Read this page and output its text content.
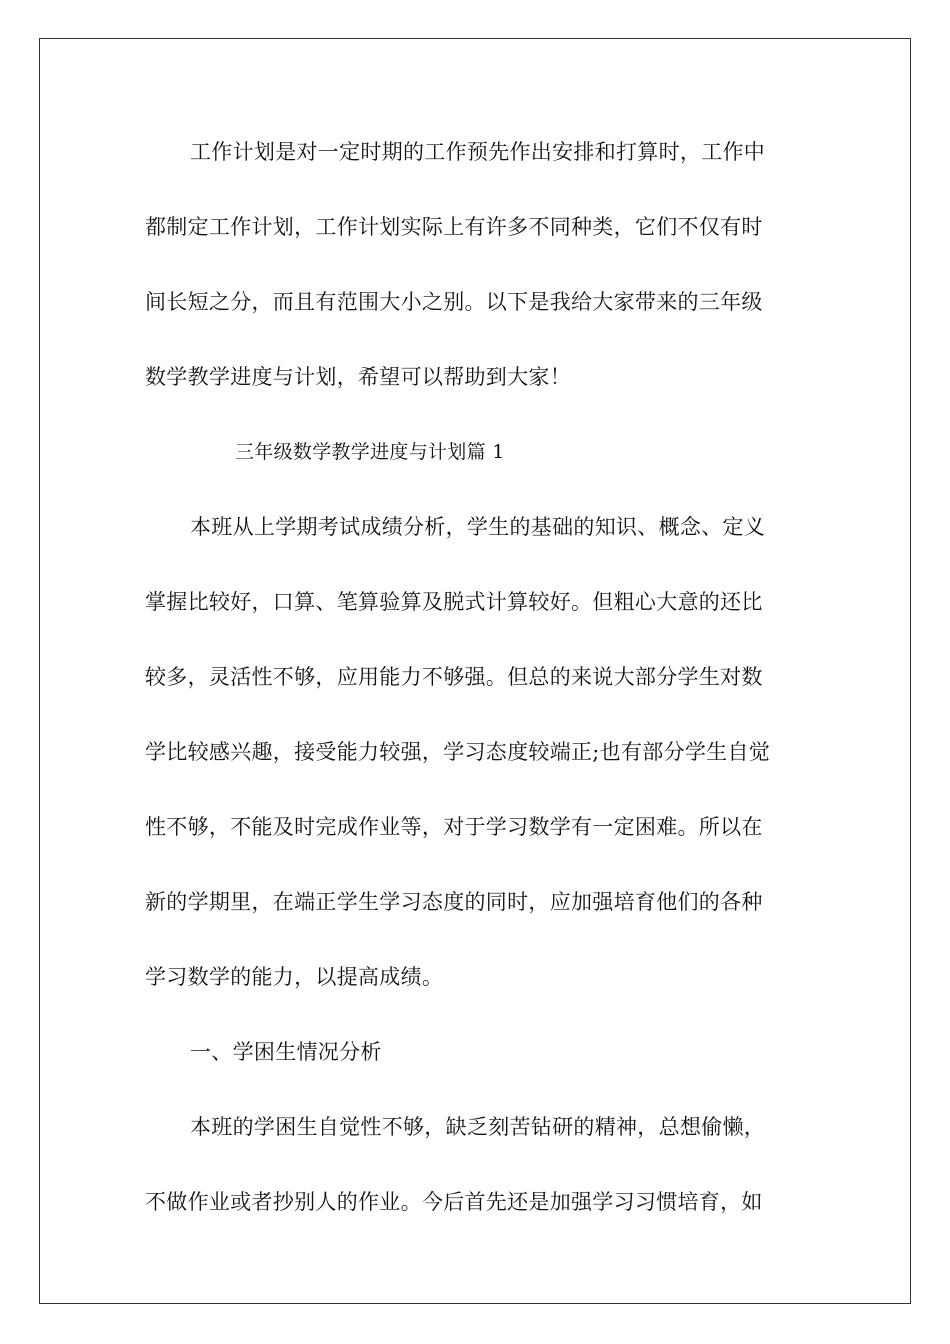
工作计划是对一定时期的工作预先作出安排和打算时，工作中
都制定工作计划，工作计划实际上有许多不同种类，它们不仅有时
间长短之分，而且有范围大小之别。以下是我给大家带来的三年级
数学教学进度与计划，希望可以帮助到大家！
三年级数学教学进度与计划篇 1
本班从上学期考试成绩分析，学生的基础的知识、概念、定义
掌握比较好，口算、笔算验算及脱式计算较好。但粗心大意的还比
较多，灵活性不够，应用能力不够强。但总的来说大部分学生对数
学比较感兴趣，接受能力较强，学习态度较端正;也有部分学生自觉
性不够，不能及时完成作业等，对于学习数学有一定困难。所以在
新的学期里，在端正学生学习态度的同时，应加强培育他们的各种
学习数学的能力，以提高成绩。
一、学困生情况分析
本班的学困生自觉性不够，缺乏刻苦钻研的精神，总想偷懒，
不做作业或者抄别人的作业。今后首先还是加强学习习惯培育，如
